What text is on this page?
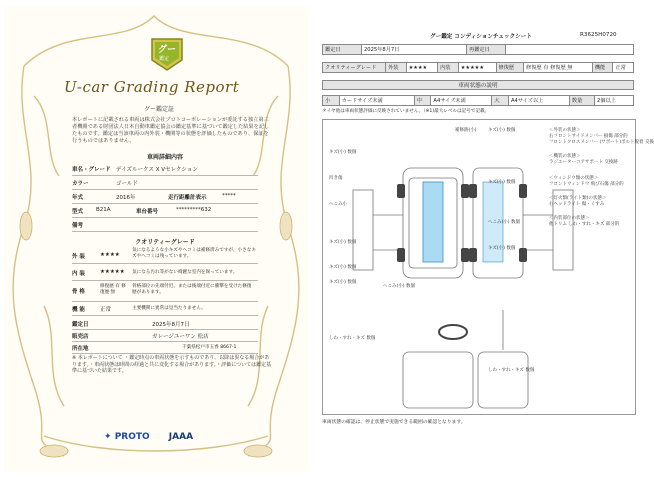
グー
鑑定
U-car Grading Report
グー鑑定証
本レポートに記載される車両は株式会社プロトコーポレーションが委託する独立第三者機関である財団法人日本自動車鑑定協会の鑑定基準に基づいて鑑定した結果を記したものです。鑑定は当該車両の内外装・機関等の状態を評価したものであり、保証を行うものではありません。
車両詳細内容
車名・グレード デイズルークス X Vセレクション
カラー	ゴールド
年式	2016年	走行距離計表示	*****
型式 B21A	車台番号	*********632
備考
クオリティーグレード
外 装	★★★★
気になるような小キズやヘコミは補修済みですが、小さなキズやヘコミは残っています。
内 装	★★★★★ 気になる汚れ等がない綺麗な室内を保っています。
骨 格
修復歴 有 修復歴 無
骨格部位の先端付近、または後端付近に衝撃を受けた修復歴があります。
機 能	正常	主要機関に異常は見当たりません。
鑑定日	2025年8月7日
販売店	ガレージユーワン 松店
所在地	千葉県松戸市五香 8667-1
※ 本レポートについて ・鑑定時点の車両状態を示すものであり、以降は異なる場合があります。・車両状態は時間の経過と共に変化する場合があります。・評価については鑑定基準に基づいた結果です。
✦ PROTO JAAA
グー鑑定 コンディションチェックシート	R3625H0720
鑑定日	2025年8月7日	再鑑定日	
クオリティーグレード	外装	★★★★	内装	★★★★★	修復歴	修復歴 有 修復歴 無	機能	正常
車両状態の説明
小	カードサイズ未満	中	A4サイズ未満	大	A4サイズ以上	数量	2個以上
タイヤ他は車両状態評価に反映されていません。（※1)最大レベルは記号で記載。
キズ(小) 数個
凹き傷
へこみ小
キズ(小) 数個
キズ(小) 数個
補修跡(小)
キズ(小) 数個
へこみ(小) 数個
キズ(小) 数個
へこみ(小) 数個
キズ(小) 数個
キズ(小) 数個
しわ・すれ・キズ 数個
しわ・すれ・キズ 数個
＜外装の状態＞
右フロントサイドメンバー 損傷 部分的
フロントクロスメンバー (サポート)ボルト脱着 交換
＜機装の状態＞
ラジエーターコアサポート 交換跡
＜ウィンドウ類の状態＞
フロントウィンドウ 飛び石傷 部分的
＜灯火類(ライト類)の状態＞
右ヘッドライト 傷・くすみ
＜内装部位の状態＞
他トリム しわ・すれ・キズ 部分的
車両状態の確認は、停止状態で実施できる範囲の確認となります。
